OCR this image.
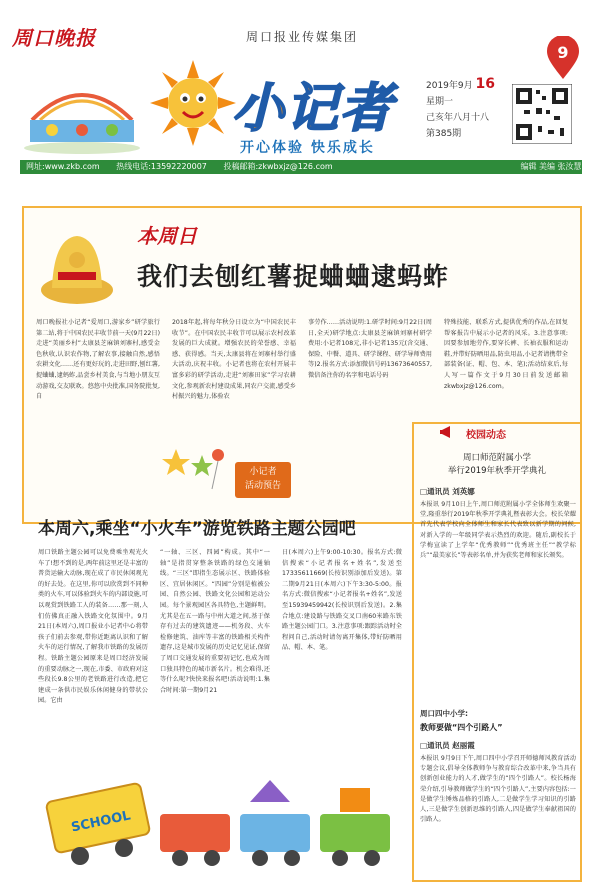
周口晚报	周口报业传媒集团
9
小记者
开心体验 快乐成长
2019年9月 16
星期一
己亥年八月十八
第385期
网址:www.zkb.com 热线电话:13592220007 投稿邮箱:zkwbxjz@126.com	编辑 美编 张汝慧
本周日
我们去刨红薯捉蛐蛐逮蚂蚱
周口晚报社小记者“爱周口,游家乡”研学旅行第二站,将于中国农民丰收节前一天(9月22日)走进“美丽乡村”太康县芝麻镇刘寨村,感受金色秋收,认识农作物,了解农事,接触自然,感悟农耕文化……还有更好玩的,走进田野,刨红薯,捉蛐蛐,逮蚂蚱,品尝乡村美食,与当地小朋友互动游戏,交友联欢。悠悠中央批准,国务院批复,自
2018年起,将每年秋分日设立为“中国农民丰收节”。在中国农民丰收节可以展示农村改革发展的巨大成就。增强农民的荣誉感、幸福感、获得感。当天,太康县将在刘寨村举行盛大活动,庆祝丰收。小记者也将在农村开展丰富多彩的研学活动,走进“刘寨田家”学习农耕文化,参观新农村建设成果,同农户交流,感受乡村振兴的魅力,体验农
事劳作……活动说明:1.研学时间:9月22日(周日,全天)研学地点:太康县芝麻镇刘寨村研学费用:小记者108元,非小记者135元(含交通、保险、中餐、道具、研学课程、研学导师费用等)2.报名方式:添加微信号码13673640557,微信备注你的名字和电话号码
特殊技能、联系方式,提供优秀的作品,在回复帮客报告中展示小记者的风采。3.注意事项:因要参加地劳作,要穿长裤、长袖衣服和运动鞋,并带好防晒用品,防虫用品,小记者请携带全部装备(证、帽、包、本、笔);活动结束后,每人写一篇作文于9月30日前发送邮箱zkwbxjz@126.com。
小记者
活动预告
本周六,乘坐“小火车”游览铁路主题公园吧
周口铁路主题公园可以免费乘坐观光火车了!想不到的是,两年前这里还是丰富的普货运输大动脉,现在成了市民休闲观光的好去处。在这里,你可以欣赏到不同种类的火车,可以体验到火车的内部设施,可以观赏到铁路工人的装备……那一刻,人们仿佛真正融入铁路文化氛围中。9月21日(本周六),周口报业小记者中心将带孩子们前去参观,带你近距离认识和了解火车的运行情况,了解我市铁路的发展历程。铁路主题公园原来是周口经济发展的重要动脉之一,现在,市委、市政府对这些段长9.8公里的老铁路进行改造,把它建成一条供市民娱乐休闲健身的带状公园。它由
“一轴、三区、四园”构成。其中“一轴”是指贯穿整条铁路的绿色交通轴线。“三区”即指生态展示区、铁路体验区、宜居休闲区。“四园”分别是植被公园、自然公园、铁路文化公园和运动公园。每个景观园区各具特色,主题鲜明。尤其是在五一路与中州大道之间,基于保存有过去的建筑遗迹——机务段、火车检修建筑、油库等丰富的铁路相关构件遗存,这是城市发展的历史记忆见证,保留了周口交通发展的重要初记忆,也成为周口独具特色的城市新名片。机会难得,还等什么呢?快快来报名吧!活动说明:1.集合时间:第一期9月21
日(本周六)上午9:00-10:30。报名方式:微信搜索“小记者报名+姓名”,发送至17335611669(长按识别添加后发送)。第二期9月21日(本周六)下午3:30-5:00。报名方式:微信搜索“小记者报名+姓名”,发送至15939459942(长按识别后发送)。2.集合地点:建设路与铁路交叉口南60米路东铁路主题公园门口。3.注意事项:跟踪活动时全程问自己,活动时请勿离开集体,带好防晒用品、帽、本、笔。
SCHOOL
校园动态
周口师范附属小学
举行2019年秋季开学典礼
□通讯员 刘英娜
本报讯 9月10日上午,周口师范附属小学全体师生欢聚一堂,隆重举行2019年秋季开学典礼暨表彰大会。校长荣耀首先代表学校向全体师生和家长代表致以新学期的问候,对新入学的一年级同学表示热烈的欢迎。随后,副校长于学梅宣读了上学年“优秀教师”“优秀班主任”“教学标兵”“最美家长”等表彰名单,并为获奖老师和家长颁奖。
周口四中小学:
教师要做“四个引路人”
□通讯员 赵丽霞
本报讯 9月9日下午,周口四中小学召开师德师风教育活动专题会议,倡导全体教师争与教育综合改革中来,争当具有创新创业能力的人才,做学生的“四个引路人”。校长杨海荣介绍,引导教师做学生的“四个引路人”,主要内容包括:一是做学生锤炼品格的引路人,二是做学生学习知识的引路人,三是做学生创新思维的引路人,四是做学生奉献祖国的引路人。
